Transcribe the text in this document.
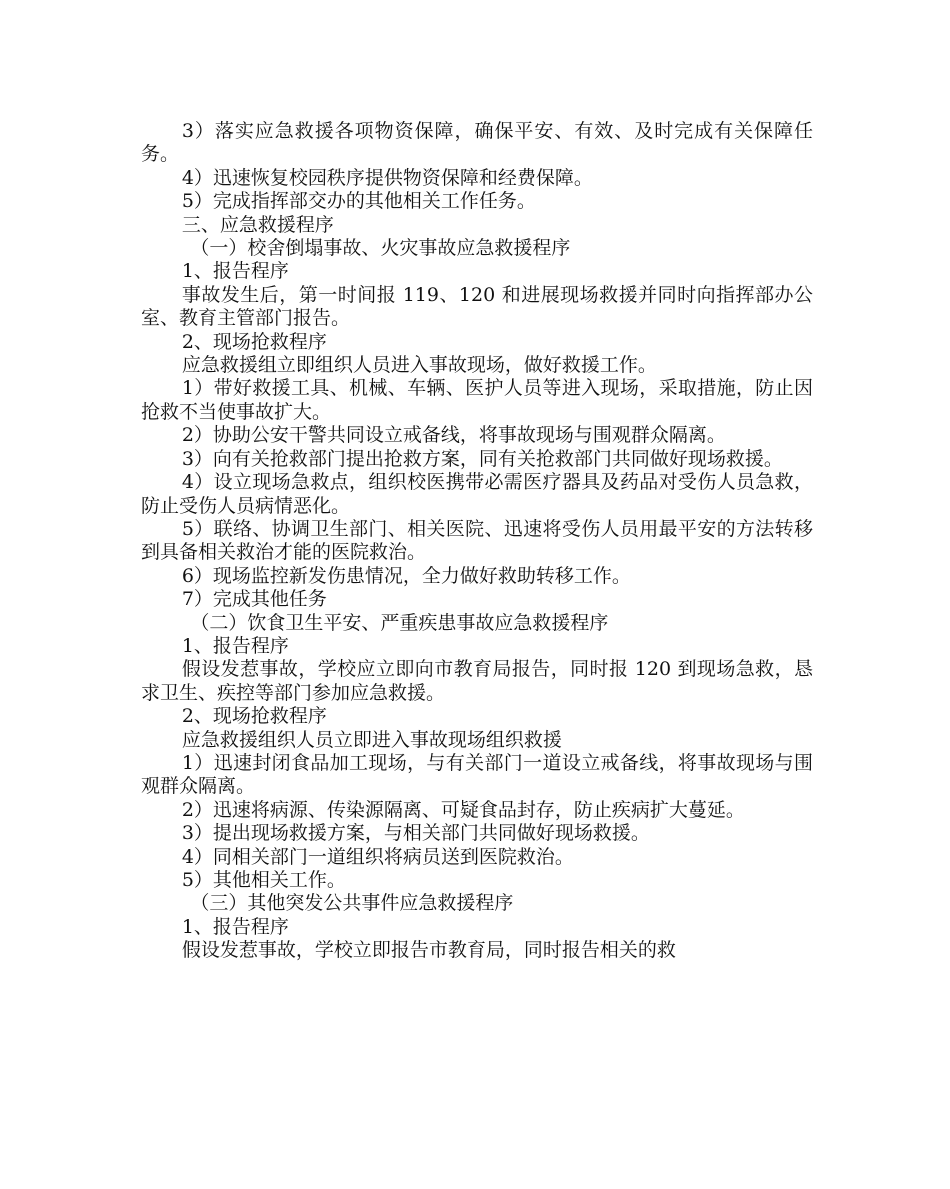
3）落实应急救援各项物资保障，确保平安、有效、及时完成有关保障任务。

4）迅速恢复校园秩序提供物资保障和经费保障。

5）完成指挥部交办的其他相关工作任务。

三、应急救援程序

（一）校舍倒塌事故、火灾事故应急救援程序

1、报告程序

事故发生后，第一时间报 119、120 和进展现场救援并同时向指挥部办公室、教育主管部门报告。

2、现场抢救程序

应急救援组立即组织人员进入事故现场，做好救援工作。

1）带好救援工具、机械、车辆、医护人员等进入现场，采取措施，防止因抢救不当使事故扩大。

2）协助公安干警共同设立戒备线，将事故现场与围观群众隔离。

3）向有关抢救部门提出抢救方案，同有关抢救部门共同做好现场救援。

4）设立现场急救点，组织校医携带必需医疗器具及药品对受伤人员急救，防止受伤人员病情恶化。

5）联络、协调卫生部门、相关医院、迅速将受伤人员用最平安的方法转移到具备相关救治才能的医院救治。

6）现场监控新发伤患情况，全力做好救助转移工作。

7）完成其他任务

（二）饮食卫生平安、严重疾患事故应急救援程序

1、报告程序

假设发惹事故，学校应立即向市教育局报告，同时报 120 到现场急救，恳求卫生、疾控等部门参加应急救援。

2、现场抢救程序

应急救援组织人员立即进入事故现场组织救援

1）迅速封闭食品加工现场，与有关部门一道设立戒备线，将事故现场与围观群众隔离。

2）迅速将病源、传染源隔离、可疑食品封存，防止疾病扩大蔓延。

3）提出现场救援方案，与相关部门共同做好现场救援。

4）同相关部门一道组织将病员送到医院救治。

5）其他相关工作。

（三）其他突发公共事件应急救援程序

1、报告程序

假设发惹事故，学校立即报告市教育局，同时报告相关的救
